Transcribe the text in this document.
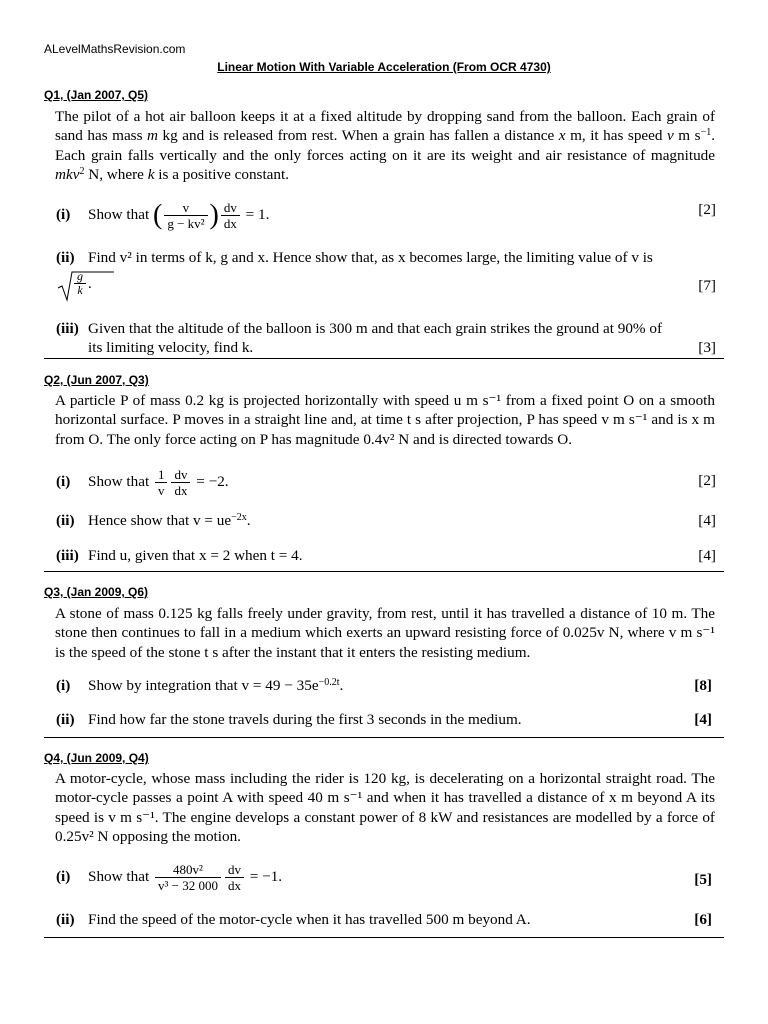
ALevelMathsRevision.com
Linear Motion With Variable Acceleration (From OCR 4730)
Q1, (Jan 2007, Q5)
The pilot of a hot air balloon keeps it at a fixed altitude by dropping sand from the balloon. Each grain of sand has mass m kg and is released from rest. When a grain has fallen a distance x m, it has speed v m $s^{-1}$. Each grain falls vertically and the only forces acting on it are its weight and air resistance of magnitude mkv$^2$ N, where k is a positive constant.
(i) Show that ( $\frac{v}{\text{g − kv²}}$ ) $\frac{dv}{dx} = 1$.	[2]
(ii) Find v² in terms of k, g and x. Hence show that, as x becomes large, the limiting value of v is
$\frac{g}{k}$ .	[7]
(iii) Given that the altitude of the balloon is 300 m and that each grain strikes the ground at 90% of
its limiting velocity, find k.	[3]
Q2, (Jun 2007, Q3)
A particle P of mass 0.2 kg is projected horizontally with speed u m s⁻¹ from a fixed point O on a smooth horizontal surface. P moves in a straight line and, at time t s after projection, P has speed v m s⁻¹ and is x m from O. The only force acting on P has magnitude 0.4v² N and is directed towards O.
(i) Show that $\frac{1}{v} \frac{dv}{dx} = -2$.	[2]
(ii) Hence show that $v = ue^{-2x}$.	[4]
(iii) Find u, given that x = 2 when t = 4.	[4]
Q3, (Jan 2009, Q6)
A stone of mass 0.125 kg falls freely under gravity, from rest, until it has travelled a distance of 10 m. The stone then continues to fall in a medium which exerts an upward resisting force of 0.025v N, where v m s⁻¹ is the speed of the stone t s after the instant that it enters the resisting medium.
(i) Show by integration that $v = 49 - 35e^{-0.2t}$.	[8]
(ii) Find how far the stone travels during the first 3 seconds in the medium.	[4]
Q4, (Jun 2009, Q4)
A motor-cycle, whose mass including the rider is 120 kg, is decelerating on a horizontal straight road. The motor-cycle passes a point A with speed 40 m s⁻¹ and when it has travelled a distance of x m beyond A its speed is v m s⁻¹. The engine develops a constant power of 8 kW and resistances are modelled by a force of 0.25v² N opposing the motion.
(i) Show that $\frac{\text{480v²}}{\text{v³ − 32 000}} \frac{dv}{dx} = -1$.	[5]
(ii) Find the speed of the motor-cycle when it has travelled 500 m beyond A.	[6]
